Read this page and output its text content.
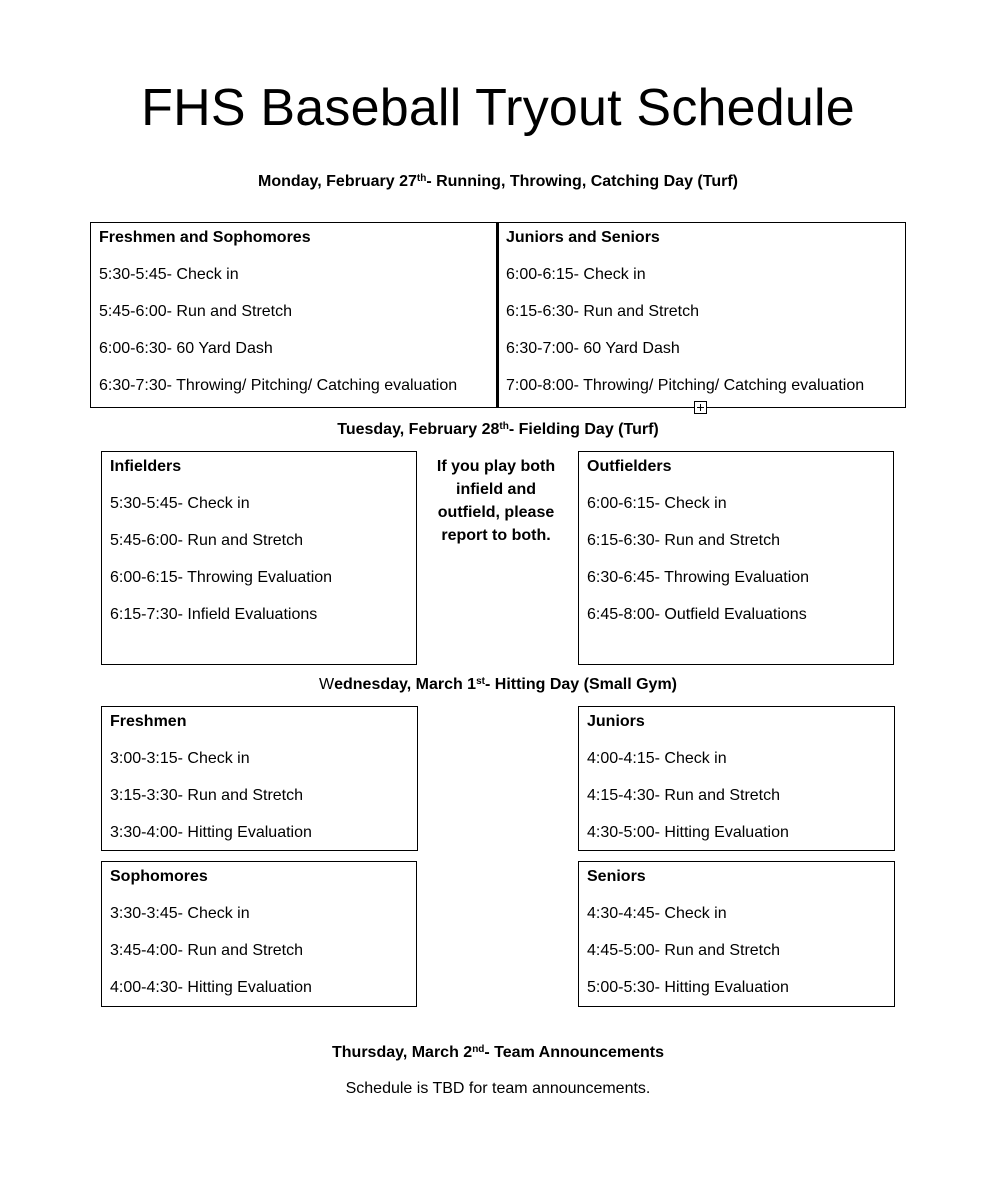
FHS Baseball Tryout Schedule
Monday, February 27th- Running, Throwing, Catching Day (Turf)
Freshmen and Sophomores
5:30-5:45- Check in
5:45-6:00- Run and Stretch
6:00-6:30- 60 Yard Dash
6:30-7:30- Throwing/ Pitching/ Catching evaluation
Juniors and Seniors
6:00-6:15- Check in
6:15-6:30- Run and Stretch
6:30-7:00- 60 Yard Dash
7:00-8:00- Throwing/ Pitching/ Catching evaluation
Tuesday, February 28th- Fielding Day (Turf)
Infielders
5:30-5:45- Check in
5:45-6:00- Run and Stretch
6:00-6:15- Throwing Evaluation
6:15-7:30- Infield Evaluations
If you play both
infield and
outfield, please
report to both.
Outfielders
6:00-6:15- Check in
6:15-6:30- Run and Stretch
6:30-6:45- Throwing Evaluation
6:45-8:00- Outfield Evaluations
Wednesday, March 1st- Hitting Day (Small Gym)
Freshmen
3:00-3:15- Check in
3:15-3:30- Run and Stretch
3:30-4:00- Hitting Evaluation
Juniors
4:00-4:15- Check in
4:15-4:30- Run and Stretch
4:30-5:00- Hitting Evaluation
Sophomores
3:30-3:45- Check in
3:45-4:00- Run and Stretch
4:00-4:30- Hitting Evaluation
Seniors
4:30-4:45- Check in
4:45-5:00- Run and Stretch
5:00-5:30- Hitting Evaluation
Thursday, March 2nd- Team Announcements
Schedule is TBD for team announcements.
